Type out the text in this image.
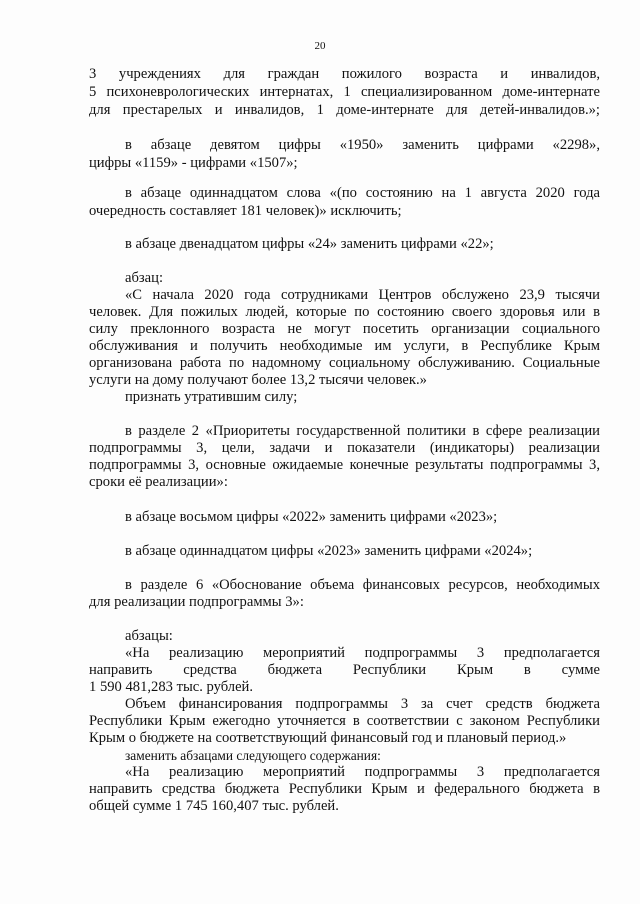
20
3 учреждениях для граждан пожилого возраста и инвалидов,
5 психоневрологических интернатах, 1 специализированном доме-интернате
для престарелых и инвалидов, 1 доме-интернате для детей-инвалидов.»;
в абзаце девятом цифры «1950» заменить цифрами «2298»,
цифры «1159» - цифрами «1507»;
в абзаце одиннадцатом слова «(по состоянию на 1 августа 2020 года
очередность составляет 181 человек)» исключить;
в абзаце двенадцатом цифры «24» заменить цифрами «22»;
абзац:
«С начала 2020 года сотрудниками Центров обслужено 23,9 тысячи
человек. Для пожилых людей, которые по состоянию своего здоровья или в
силу преклонного возраста не могут посетить организации социального
обслуживания и получить необходимые им услуги, в Республике Крым
организована работа по надомному социальному обслуживанию. Социальные
услуги на дому получают более 13,2 тысячи человек.»
признать утратившим силу;
в разделе 2 «Приоритеты государственной политики в сфере реализации
подпрограммы 3, цели, задачи и показатели (индикаторы) реализации
подпрограммы 3, основные ожидаемые конечные результаты подпрограммы 3,
сроки её реализации»:
в абзаце восьмом цифры «2022» заменить цифрами «2023»;
в абзаце одиннадцатом цифры «2023» заменить цифрами «2024»;
в разделе 6 «Обоснование объема финансовых ресурсов, необходимых
для реализации подпрограммы 3»:
абзацы:
«На реализацию мероприятий подпрограммы 3 предполагается
направить средства бюджета Республики Крым в сумме
1 590 481,283 тыс. рублей.
Объем финансирования подпрограммы 3 за счет средств бюджета
Республики Крым ежегодно уточняется в соответствии с законом Республики
Крым о бюджете на соответствующий финансовый год и плановый период.»
заменить абзацами следующего содержания:
«На реализацию мероприятий подпрограммы 3 предполагается
направить средства бюджета Республики Крым и федерального бюджета в
общей сумме 1 745 160,407 тыс. рублей.
